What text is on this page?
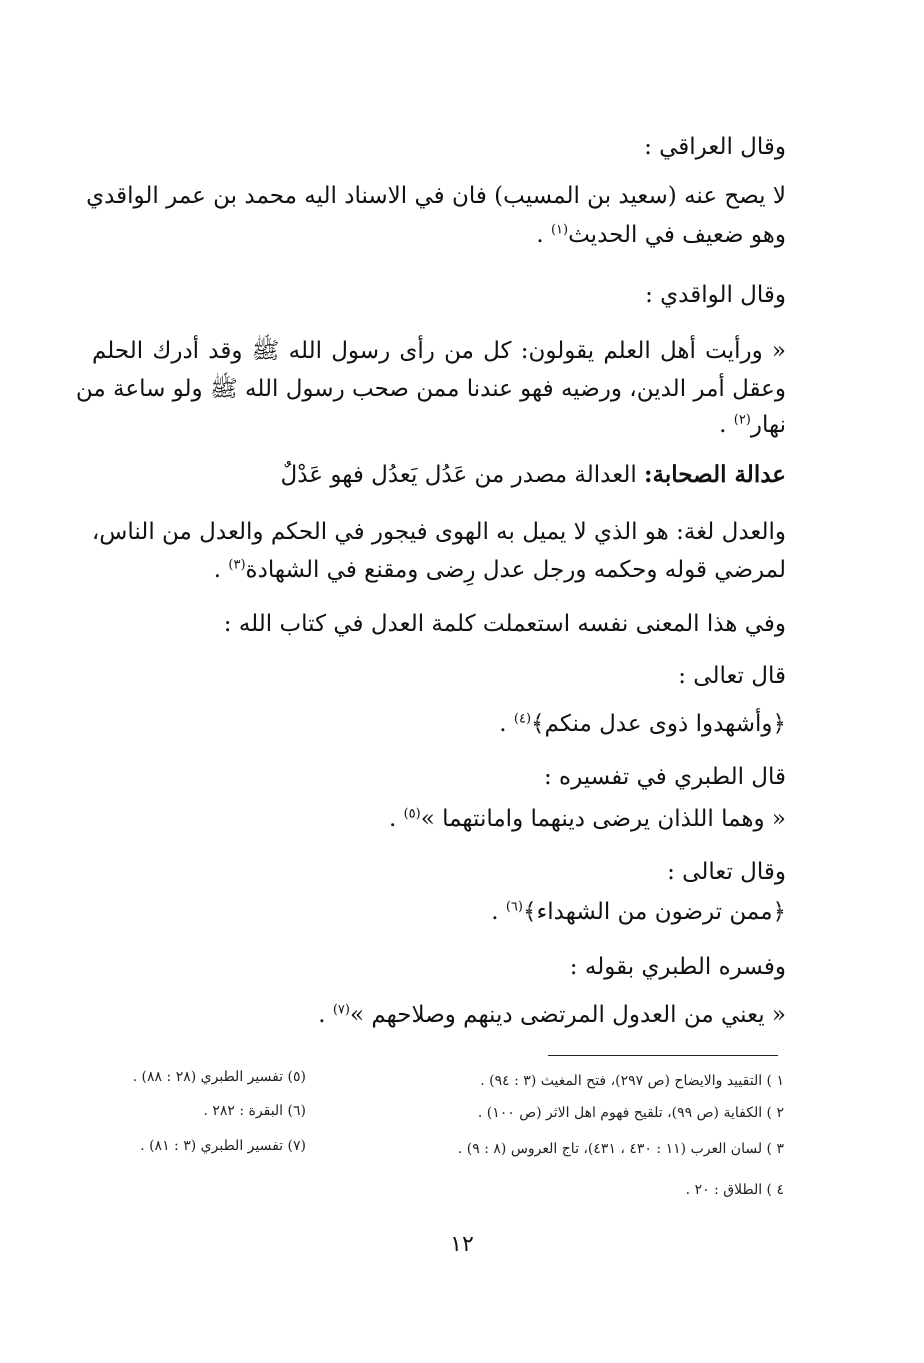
وقال العراقي :
لا يصح عنه (سعيد بن المسيب) فان في الاسناد اليه محمد بن عمر الواقدي
وهو ضعيف في الحديث$^{(١)}$ .
وقال الواقدي :
« ورأيت أهل العلم يقولون: كل من رأى رسول الله ﷺ وقد أدرك الحلم
وعقل أمر الدين، ورضيه فهو عندنا ممن صحب رسول الله ﷺ ولو ساعة من
نهار$^{(٢)}$ .
عدالة الصحابة: العدالة مصدر من عَدُل يَعدُل فهو عَدْلٌ
والعدل لغة: هو الذي لا يميل به الهوى فيجور في الحكم والعدل من الناس،
لمرضي قوله وحكمه ورجل عدل رِضى ومقنع في الشهادة$^{(٣)}$ .
وفي هذا المعنى نفسه استعملت كلمة العدل في كتاب الله :
قال تعالى :
﴿وأشهدوا ذوى عدل منكم﴾$^{(٤)}$ .
قال الطبري في تفسيره :
« وهما اللذان يرضى دينهما وامانتهما »$^{(٥)}$ .
وقال تعالى :
﴿ممن ترضون من الشهداء﴾$^{(٦)}$ .
وفسره الطبري بقوله :
« يعني من العدول المرتضى دينهم وصلاحهم »$^{(٧)}$ .
١ ) التقييد والايضاح (ص ٢٩٧)، فتح المغيث (٣ : ٩٤) .
٢ ) الكفاية (ص ٩٩)، تلقيح فهوم اهل الاثر (ص ١٠٠) .
٣ ) لسان العرب (١١ : ٤٣٠ ، ٤٣١)، تاج العروس (٨ : ٩) .
٤ ) الطلاق : ٢٠ .
(٥) تفسير الطبري (٢٨ : ٨٨) .
(٦) البقرة : ٢٨٢ .
(٧) تفسير الطبري (٣ : ٨١) .
١٢
